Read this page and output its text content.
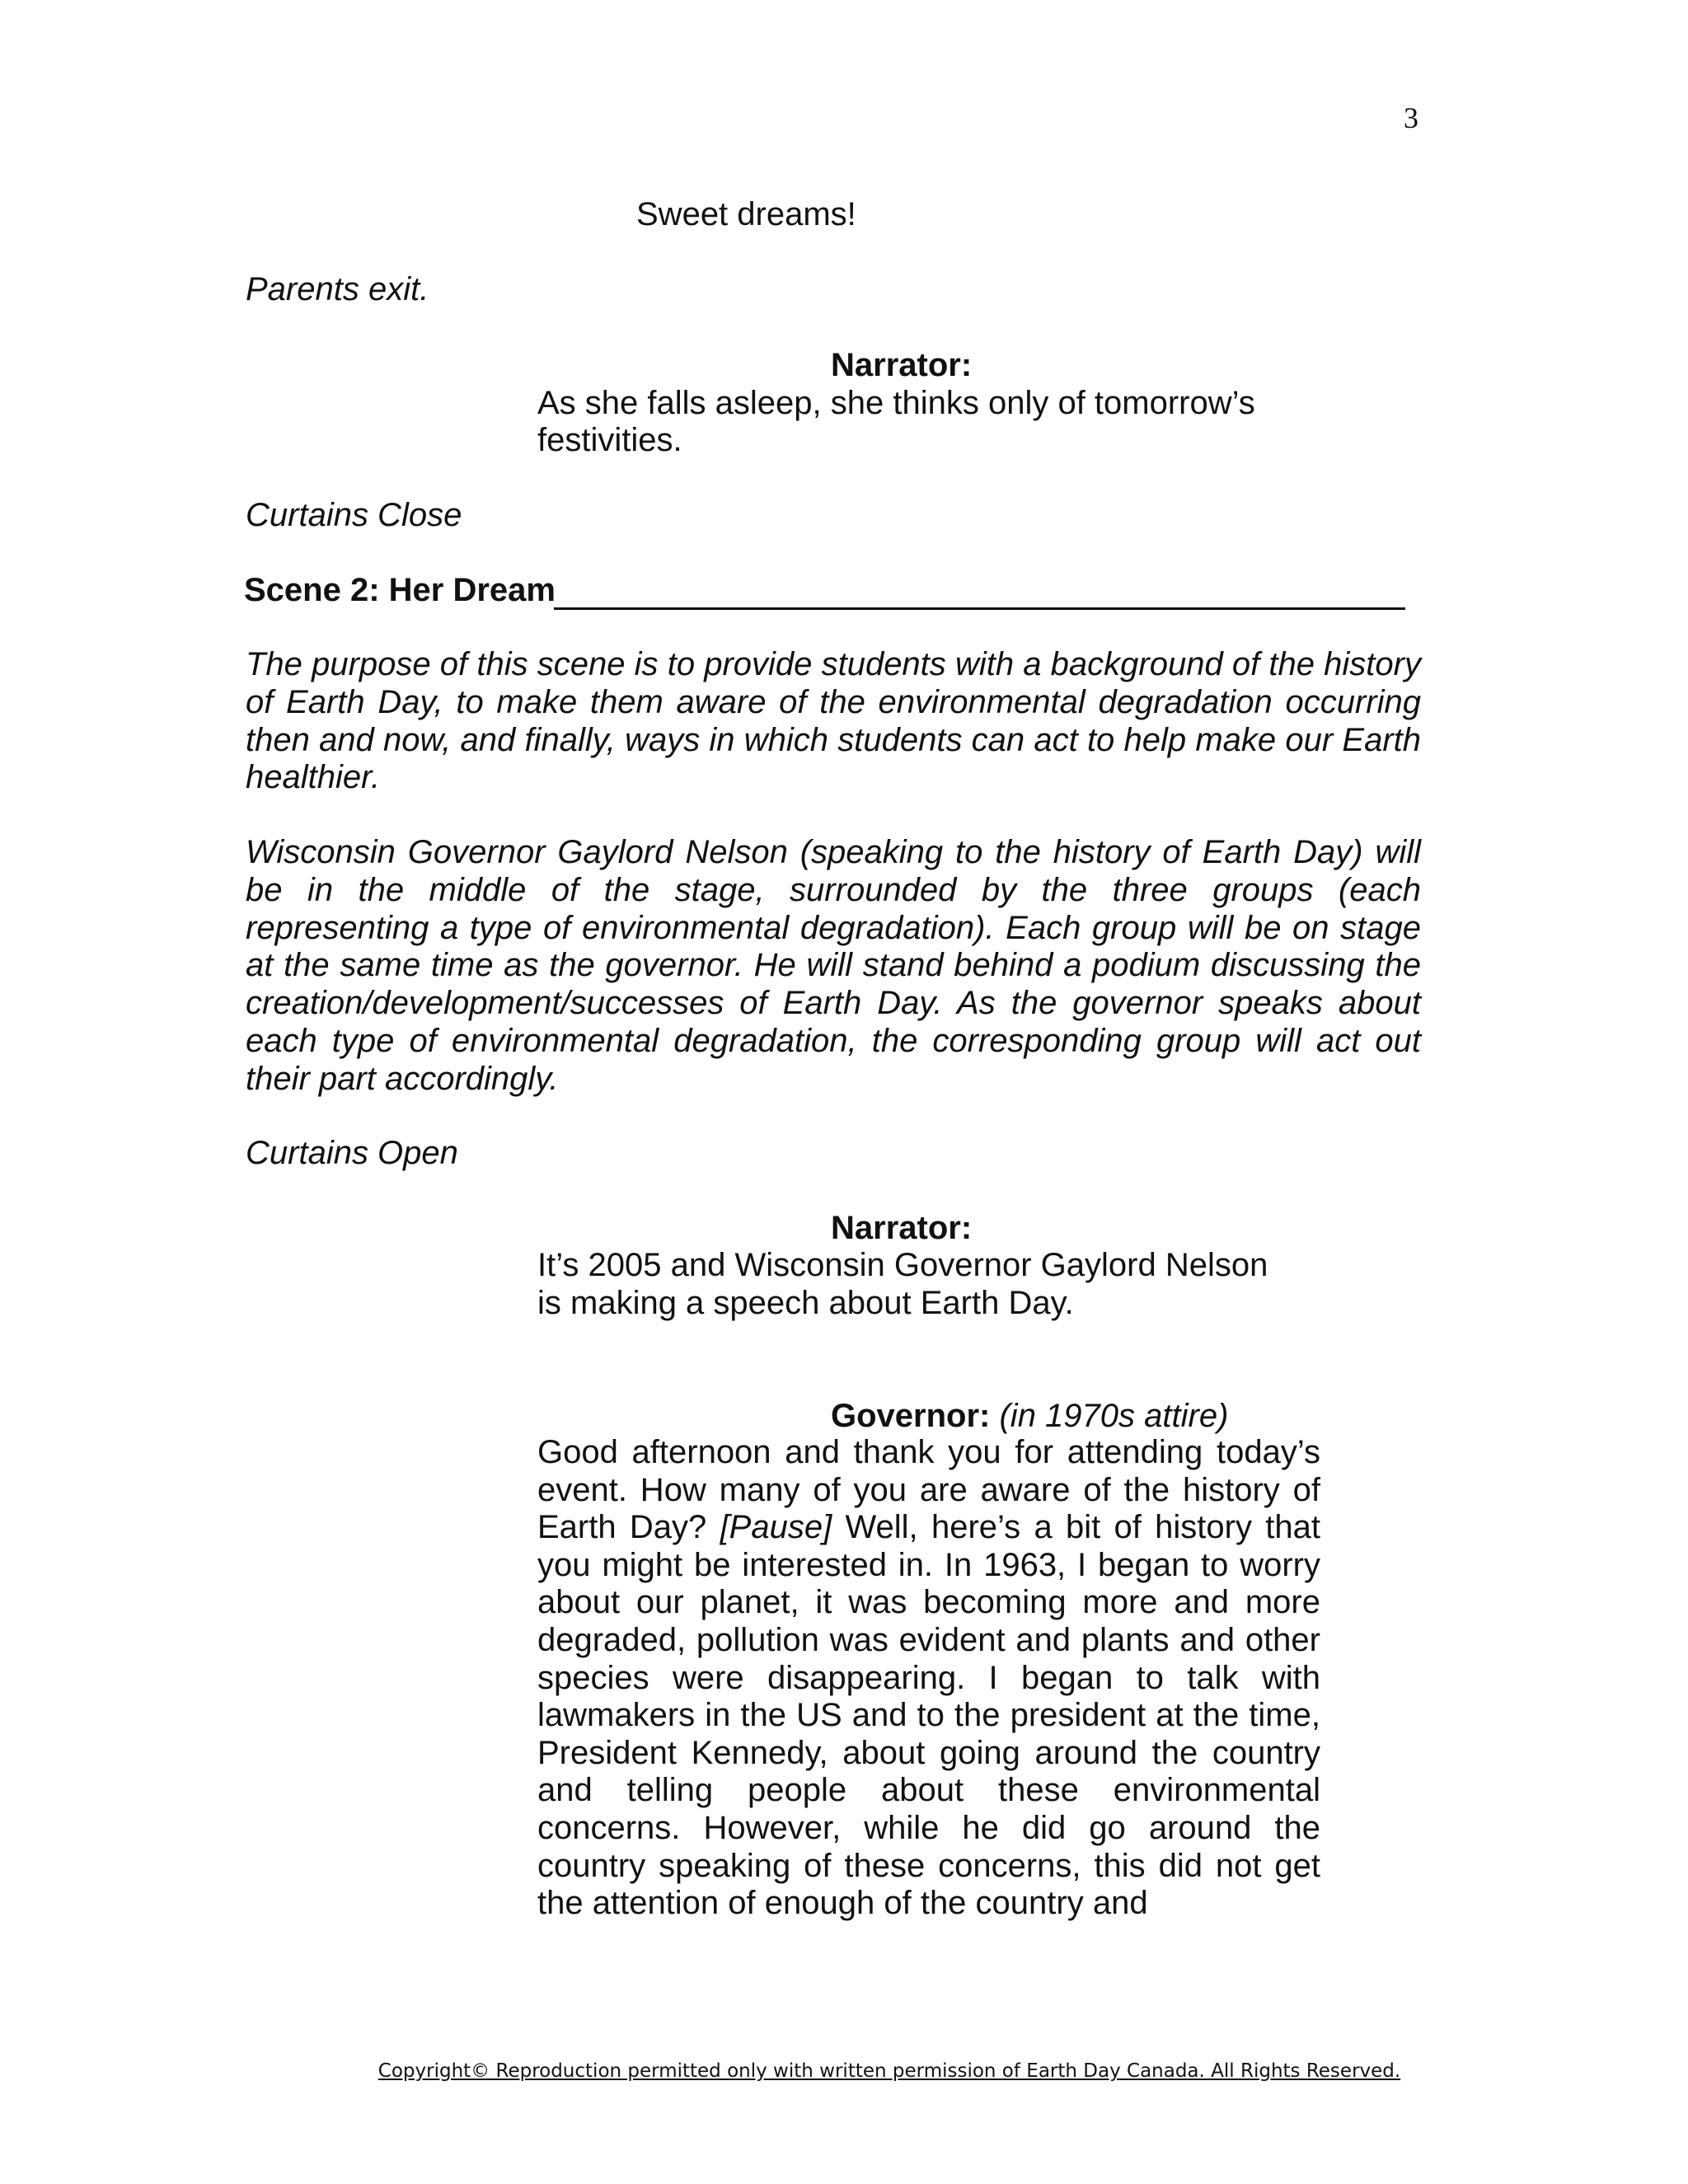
3

Sweet dreams!

Parents exit.

Narrator:

As she falls asleep, she thinks only of tomorrow’s

festivities.

Curtains Close

Scene 2: Her Dream

The purpose of this scene is to provide students with a background of the history of Earth Day, to make them aware of the environmental degradation occurring then and now, and finally, ways in which students can act to help make our Earth healthier.

Wisconsin Governor Gaylord Nelson (speaking to the history of Earth Day) will be in the middle of the stage, surrounded by the three groups (each representing a type of environmental degradation). Each group will be on stage at the same time as the governor. He will stand behind a podium discussing the creation/development/successes of Earth Day. As the governor speaks about each type of environmental degradation, the corresponding group will act out their part accordingly.

Curtains Open

Narrator:

It’s 2005 and Wisconsin Governor Gaylord Nelson

is making a speech about Earth Day.

Governor: (in 1970s attire)

Good afternoon and thank you for attending today’s event. How many of you are aware of the history of Earth Day? [Pause] Well, here’s a bit of history that you might be interested in. In 1963, I began to worry about our planet, it was becoming more and more degraded, pollution was evident and plants and other species were disappearing. I began to talk with lawmakers in the US and to the president at the time, President Kennedy, about going around the country and telling people about these environmental concerns. However, while he did go around the country speaking of these concerns, this did not get the attention of enough of the country and

Copyright© Reproduction permitted only with written permission of Earth Day Canada. All Rights Reserved.
